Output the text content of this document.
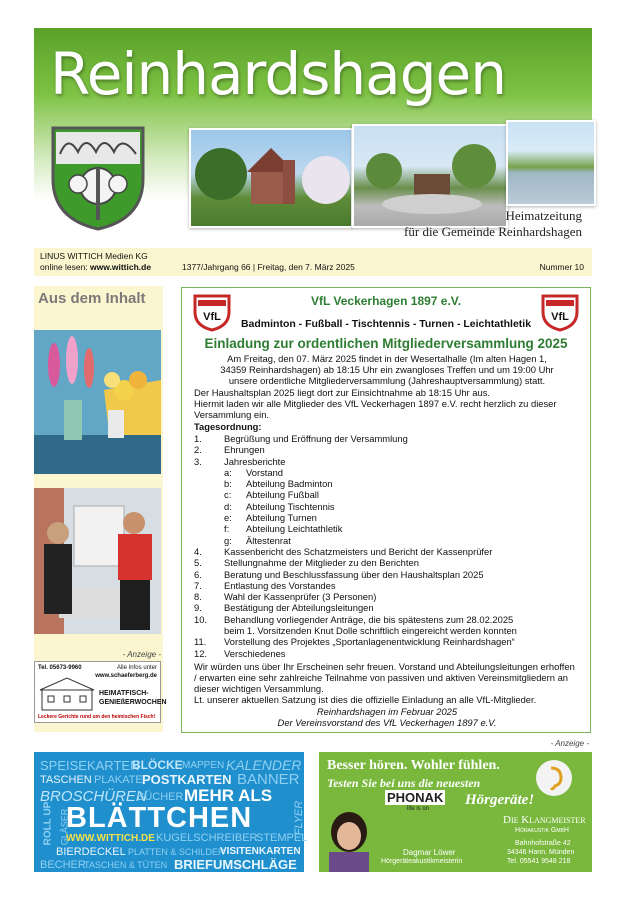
Reinhardshagen
Heimatzeitung
für die Gemeinde Reinhardshagen
LINUS WITTICH Medien KG
online lesen: www.wittich.de	1377/Jahrgang 66 | Freitag, den 7. März 2025	Nummer 10
Aus dem Inhalt
- Anzeige -
Tel. 05673-9960	Alle Infos unter
www.schaeferberg.de
HEIMATFISCH-
GENIEßERWOCHEN
Leckere Gerichte rund um den heimischen Fisch!
VfL	VfL
VfL Veckerhagen 1897 e.V.
Badminton - Fußball - Tischtennis - Turnen - Leichtathletik
Einladung zur ordentlichen Mitgliederversammlung 2025
Am Freitag, den 07. März 2025 findet in der Wesertalhalle (Im alten Hagen 1,
34359 Reinhardshagen) ab 18:15 Uhr ein zwangloses Treffen und um 19:00 Uhr
unsere ordentliche Mitgliederversammlung (Jahreshauptversammlung) statt.
Der Haushaltsplan 2025 liegt dort zur Einsichtnahme ab 18:15 Uhr aus.
Hiermit laden wir alle Mitglieder des VfL Veckerhagen 1897 e.V. recht herzlich zu dieser
Versammlung ein.
Tagesordnung:
1. Begrüßung und Eröffnung der Versammlung
2. Ehrungen
3. Jahresberichte
a: Vorstand
b: Abteilung Badminton
c: Abteilung Fußball
d: Abteilung Tischtennis
e: Abteilung Turnen
f: Abteilung Leichtathletik
g: Ältestenrat
4. Kassenbericht des Schatzmeisters und Bericht der Kassenprüfer
5. Stellungnahme der Mitglieder zu den Berichten
6. Beratung und Beschlussfassung über den Haushaltsplan 2025
7. Entlastung des Vorstandes
8. Wahl der Kassenprüfer (3 Personen)
9. Bestätigung der Abteilungsleitungen
10. Behandlung vorliegender Anträge, die bis spätestens zum 28.02.2025
beim 1. Vorsitzenden Knut Dolle schriftlich eingereicht werden konnten
11. Vorstellung des Projektes „Sportanlagenentwicklung Reinhardshagen“
12. Verschiedenes
Wir würden uns über Ihr Erscheinen sehr freuen. Vorstand und Abteilungsleitungen erhoffen
/ erwarten eine sehr zahlreiche Teilnahme von passiven und aktiven Vereinsmitgliedern an
dieser wichtigen Versammlung.
Lt. unserer aktuellen Satzung ist dies die offizielle Einladung an alle VfL-Mitglieder.
Reinhardshagen im Februar 2025
Der Vereinsvorstand des VfL Veckerhagen 1897 e.V.
- Anzeige -
SPEISEKARTEN
BLÖCKE MAPPEN KALENDER
TASCHEN PLAKATE POSTKARTEN BANNER
BROSCHÜREN
BÜCHER MEHR ALS
ROLL UP GLÄSER
BLÄTTCHEN	FLYER
WWW.WITTICH.DE KUGELSCHREIBER
STEMPEL
BIERDECKEL PLATTEN & SCHILDER
VISITENKARTEN
BECHER
TASCHEN & TÜTEN BRIEFUMSCHLÄGE
Besser hören. Wohler fühlen.
Testen Sie bei uns die neuesten
PHONAK
life is on
Hörgeräte!
Dagmar Löwer
Hörgeräteakustikmeisterin
Die Klangmeister
Hörakustik GmbH
Bahnhofstraße 42
34346 Hann. Münden
Tel. 05541 9548 218
